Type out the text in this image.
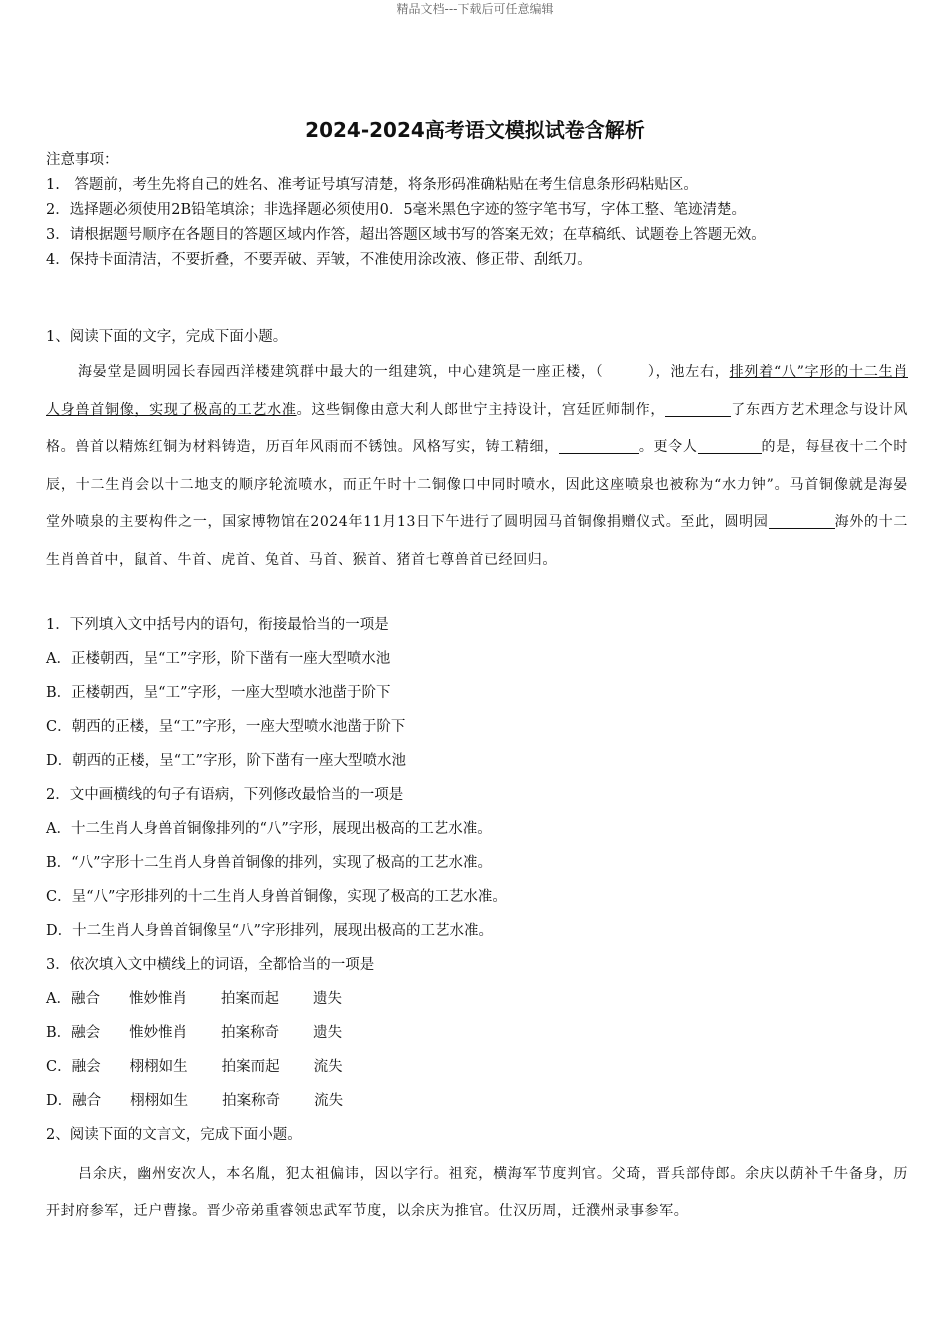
精品文档---下载后可任意编辑
2024-2024高考语文模拟试卷含解析
注意事项：
1.　答题前，考生先将自己的姓名、准考证号填写清楚，将条形码准确粘贴在考生信息条形码粘贴区。
2．选择题必须使用2B铅笔填涂；非选择题必须使用0．5毫米黑色字迹的签字笔书写，字体工整、笔迹清楚。
3．请根据题号顺序在各题目的答题区域内作答，超出答题区域书写的答案无效；在草稿纸、试题卷上答题无效。
4．保持卡面清洁，不要折叠，不要弄破、弄皱，不准使用涂改液、修正带、刮纸刀。
1、阅读下面的文字，完成下面小题。

海晏堂是圆明园长春园西洋楼建筑群中最大的一组建筑，中心建筑是一座正楼，（　　　），池左右，排列着“八”字形的十二生肖人身兽首铜像，实现了极高的工艺水准。这些铜像由意大利人郎世宁主持设计，宫廷匠师制作，	了东西方艺术理念与设计风格。兽首以精炼红铜为材料铸造，历百年风雨而不锈蚀。风格写实，铸工精细，	。更令人	的是，每昼夜十二个时辰，十二生肖会以十二地支的顺序轮流喷水，而正午时十二铜像口中同时喷水，因此这座喷泉也被称为“水力钟”。马首铜像就是海晏堂外喷泉的主要构件之一，国家博物馆在2024年11月13日下午进行了圆明园马首铜像捐赠仪式。至此，圆明园	海外的十二生肖兽首中，鼠首、牛首、虎首、兔首、马首、猴首、猪首七尊兽首已经回归。

1．下列填入文中括号内的语句，衔接最恰当的一项是
A．正楼朝西，呈“工”字形，阶下凿有一座大型喷水池
B．正楼朝西，呈“工”字形，一座大型喷水池凿于阶下
C．朝西的正楼，呈“工”字形，一座大型喷水池凿于阶下
D．朝西的正楼，呈“工”字形，阶下凿有一座大型喷水池
2．文中画横线的句子有语病，下列修改最恰当的一项是
A．十二生肖人身兽首铜像排列的“八”字形，展现出极高的工艺水准。
B．“八”字形十二生肖人身兽首铜像的排列，实现了极高的工艺水准。
C．呈“八”字形排列的十二生肖人身兽首铜像，实现了极高的工艺水准。
D．十二生肖人身兽首铜像呈“八”字形排列，展现出极高的工艺水准。
3．依次填入文中横线上的词语，全都恰当的一项是
A．融合 惟妙惟肖 拍案而起 遗失
B．融会 惟妙惟肖 拍案称奇 遗失
C．融会 栩栩如生 拍案而起 流失
D．融合 栩栩如生 拍案称奇 流失
2、阅读下面的文言文，完成下面小题。

吕余庆，幽州安次人，本名胤，犯太祖偏讳，因以字行。祖兖，横海军节度判官。父琦，晋兵部侍郎。余庆以荫补千牛备身，历开封府参军，迁户曹掾。晋少帝弟重睿领忠武军节度，以余庆为推官。仕汉历周，迁濮州录事参军。
